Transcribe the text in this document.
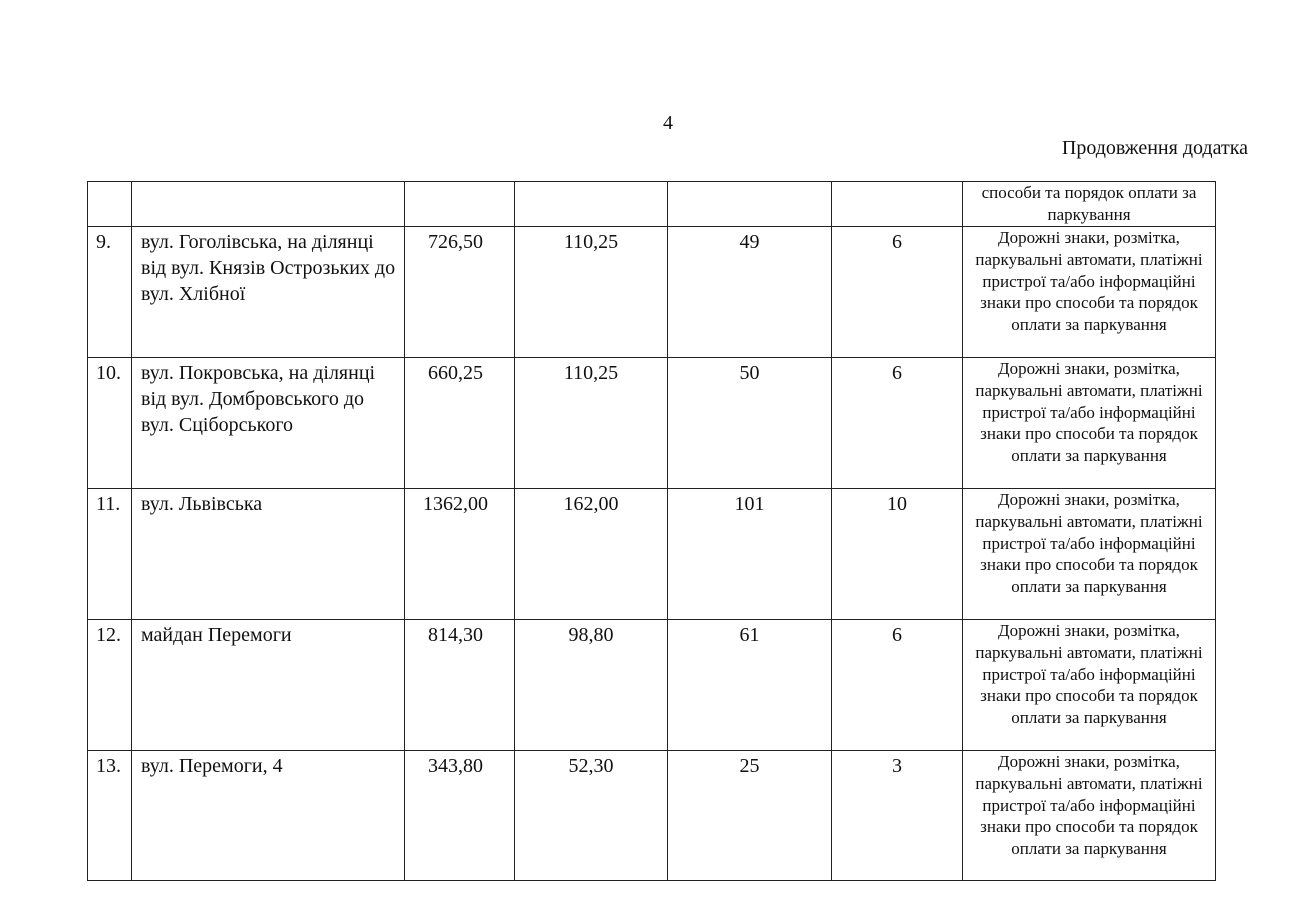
4
Продовження додатка
						способи та порядок оплати за паркування
9.	вул. Гоголівська, на ділянці від вул. Князів Острозьких до вул. Хлібної	726,50	110,25	49	6	Дорожні знаки, розмітка, паркувальні автомати, платіжні пристрої та/або інформаційні знаки про способи та порядок оплати за паркування
10.	вул. Покровська, на ділянці від вул. Домбровського до вул. Сціборського	660,25	110,25	50	6	Дорожні знаки, розмітка, паркувальні автомати, платіжні пристрої та/або інформаційні знаки про способи та порядок оплати за паркування
11.	вул. Львівська	1362,00	162,00	101	10	Дорожні знаки, розмітка, паркувальні автомати, платіжні пристрої та/або інформаційні знаки про способи та порядок оплати за паркування
12.	майдан Перемоги	814,30	98,80	61	6	Дорожні знаки, розмітка, паркувальні автомати, платіжні пристрої та/або інформаційні знаки про способи та порядок оплати за паркування
13.	вул. Перемоги, 4	343,80	52,30	25	3	Дорожні знаки, розмітка, паркувальні автомати, платіжні пристрої та/або інформаційні знаки про способи та порядок оплати за паркування
